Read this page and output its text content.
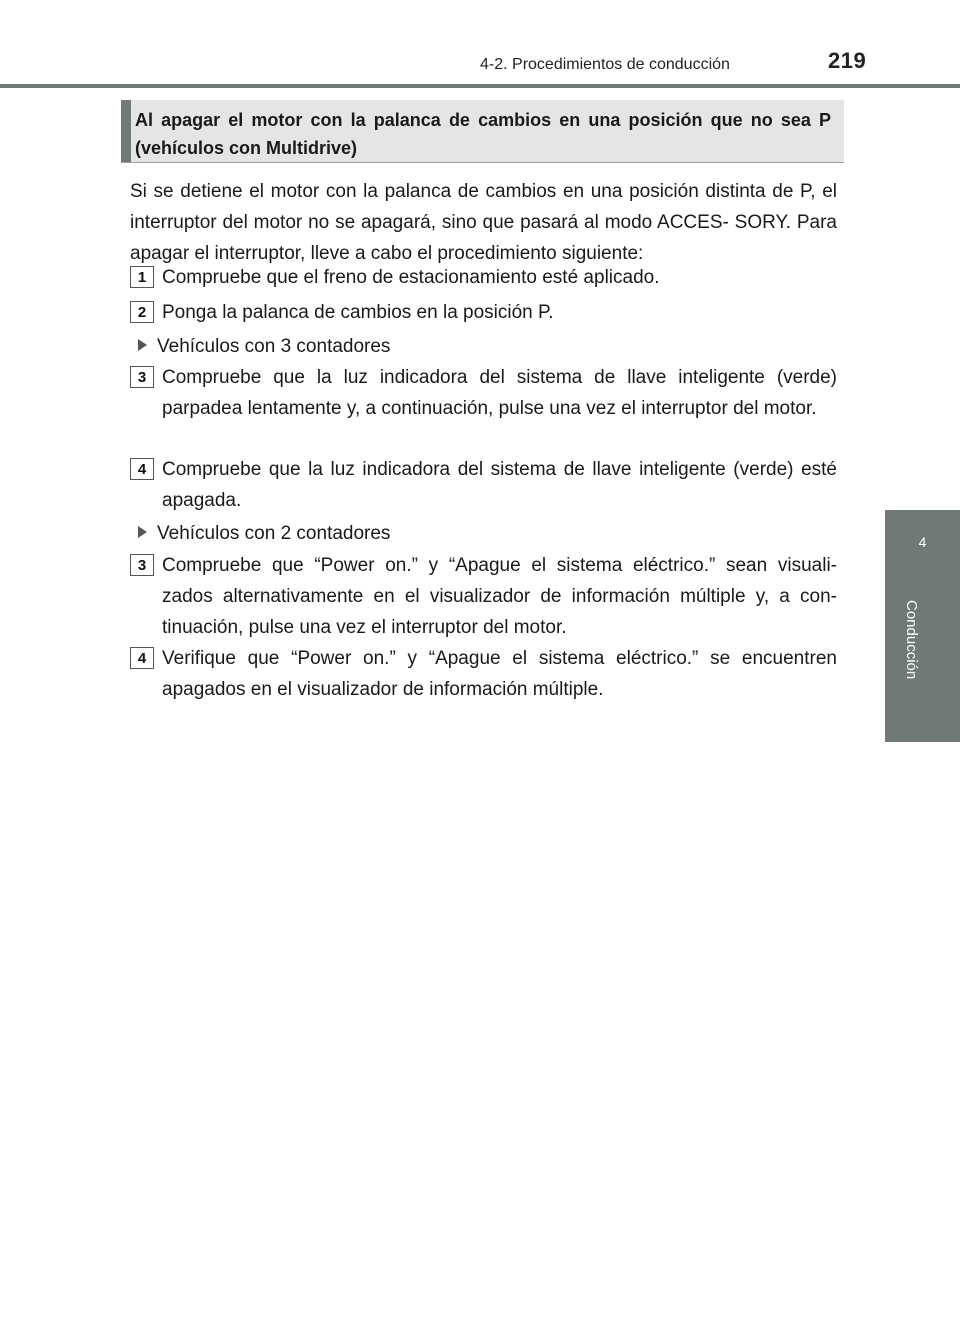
4-2. Procedimientos de conducción	219
4
Conducción

Al apagar el motor con la palanca de cambios en una posición que no sea P (vehículos con Multidrive)

Si se detiene el motor con la palanca de cambios en una posición distinta de P, el interruptor del motor no se apagará, sino que pasará al modo ACCES- SORY. Para apagar el interruptor, lleve a cabo el procedimiento siguiente:

1 Compruebe que el freno de estacionamiento esté aplicado.

2 Ponga la palanca de cambios en la posición P.

Vehículos con 3 contadores
3 Compruebe que la luz indicadora del sistema de llave inteligente (verde) parpadea lentamente y, a continuación, pulse una vez el interruptor del motor.

4 Compruebe que la luz indicadora del sistema de llave inteligente (verde) esté apagada.

Vehículos con 2 contadores
3 Compruebe que “Power on.” y “Apague el sistema eléctrico.” sean visuali- zados alternativamente en el visualizador de información múltiple y, a con- tinuación, pulse una vez el interruptor del motor.

4 Verifique que “Power on.” y “Apague el sistema eléctrico.” se encuentren apagados en el visualizador de información múltiple.
